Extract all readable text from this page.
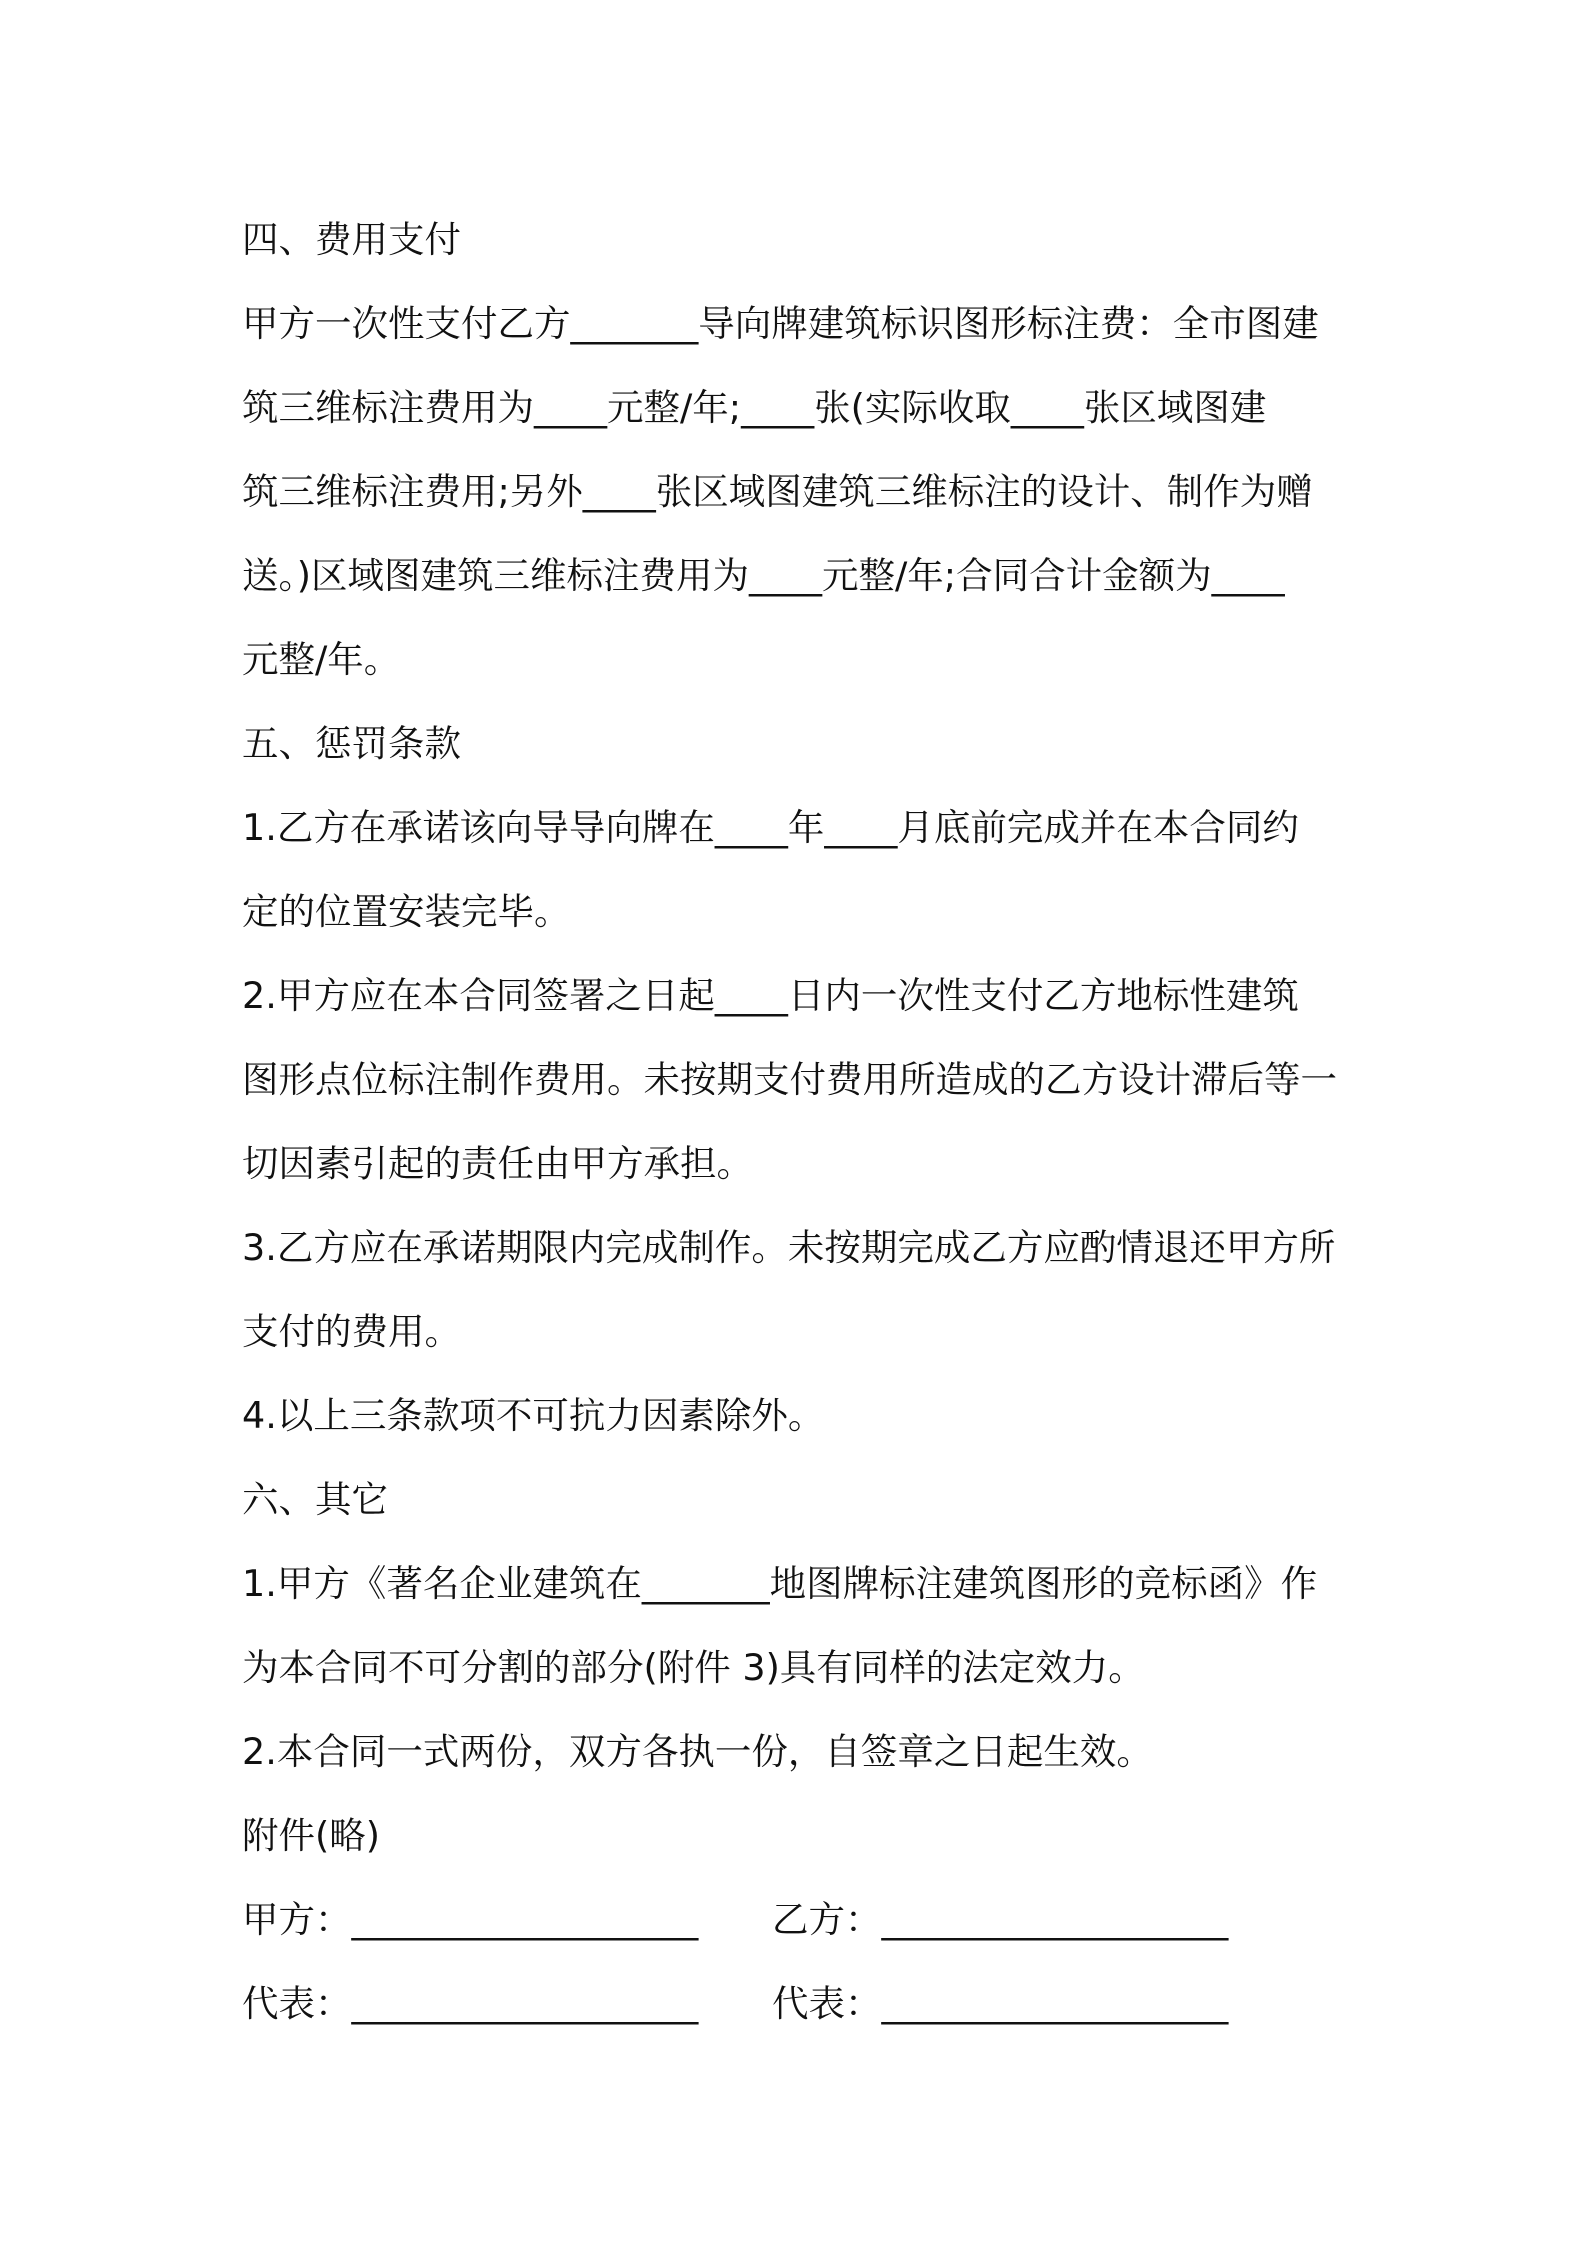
四、费用支付
甲方一次性支付乙方_______导向牌建筑标识图形标注费：全市图建
筑三维标注费用为____元整/年;____张(实际收取____张区域图建
筑三维标注费用;另外____张区域图建筑三维标注的设计、制作为赠
送。)区域图建筑三维标注费用为____元整/年;合同合计金额为____
元整/年。
五、惩罚条款
1.乙方在承诺该向导导向牌在____年____月底前完成并在本合同约
定的位置安装完毕。
2.甲方应在本合同签署之日起____日内一次性支付乙方地标性建筑
图形点位标注制作费用。未按期支付费用所造成的乙方设计滞后等一
切因素引起的责任由甲方承担。
3.乙方应在承诺期限内完成制作。未按期完成乙方应酌情退还甲方所
支付的费用。
4.以上三条款项不可抗力因素除外。
六、其它
1.甲方《著名企业建筑在_______地图牌标注建筑图形的竞标函》作
为本合同不可分割的部分(附件 3)具有同样的法定效力。
2.本合同一式两份，双方各执一份，自签章之日起生效。
附件(略)
甲方：___________________	乙方：___________________
代表：___________________	代表：___________________
